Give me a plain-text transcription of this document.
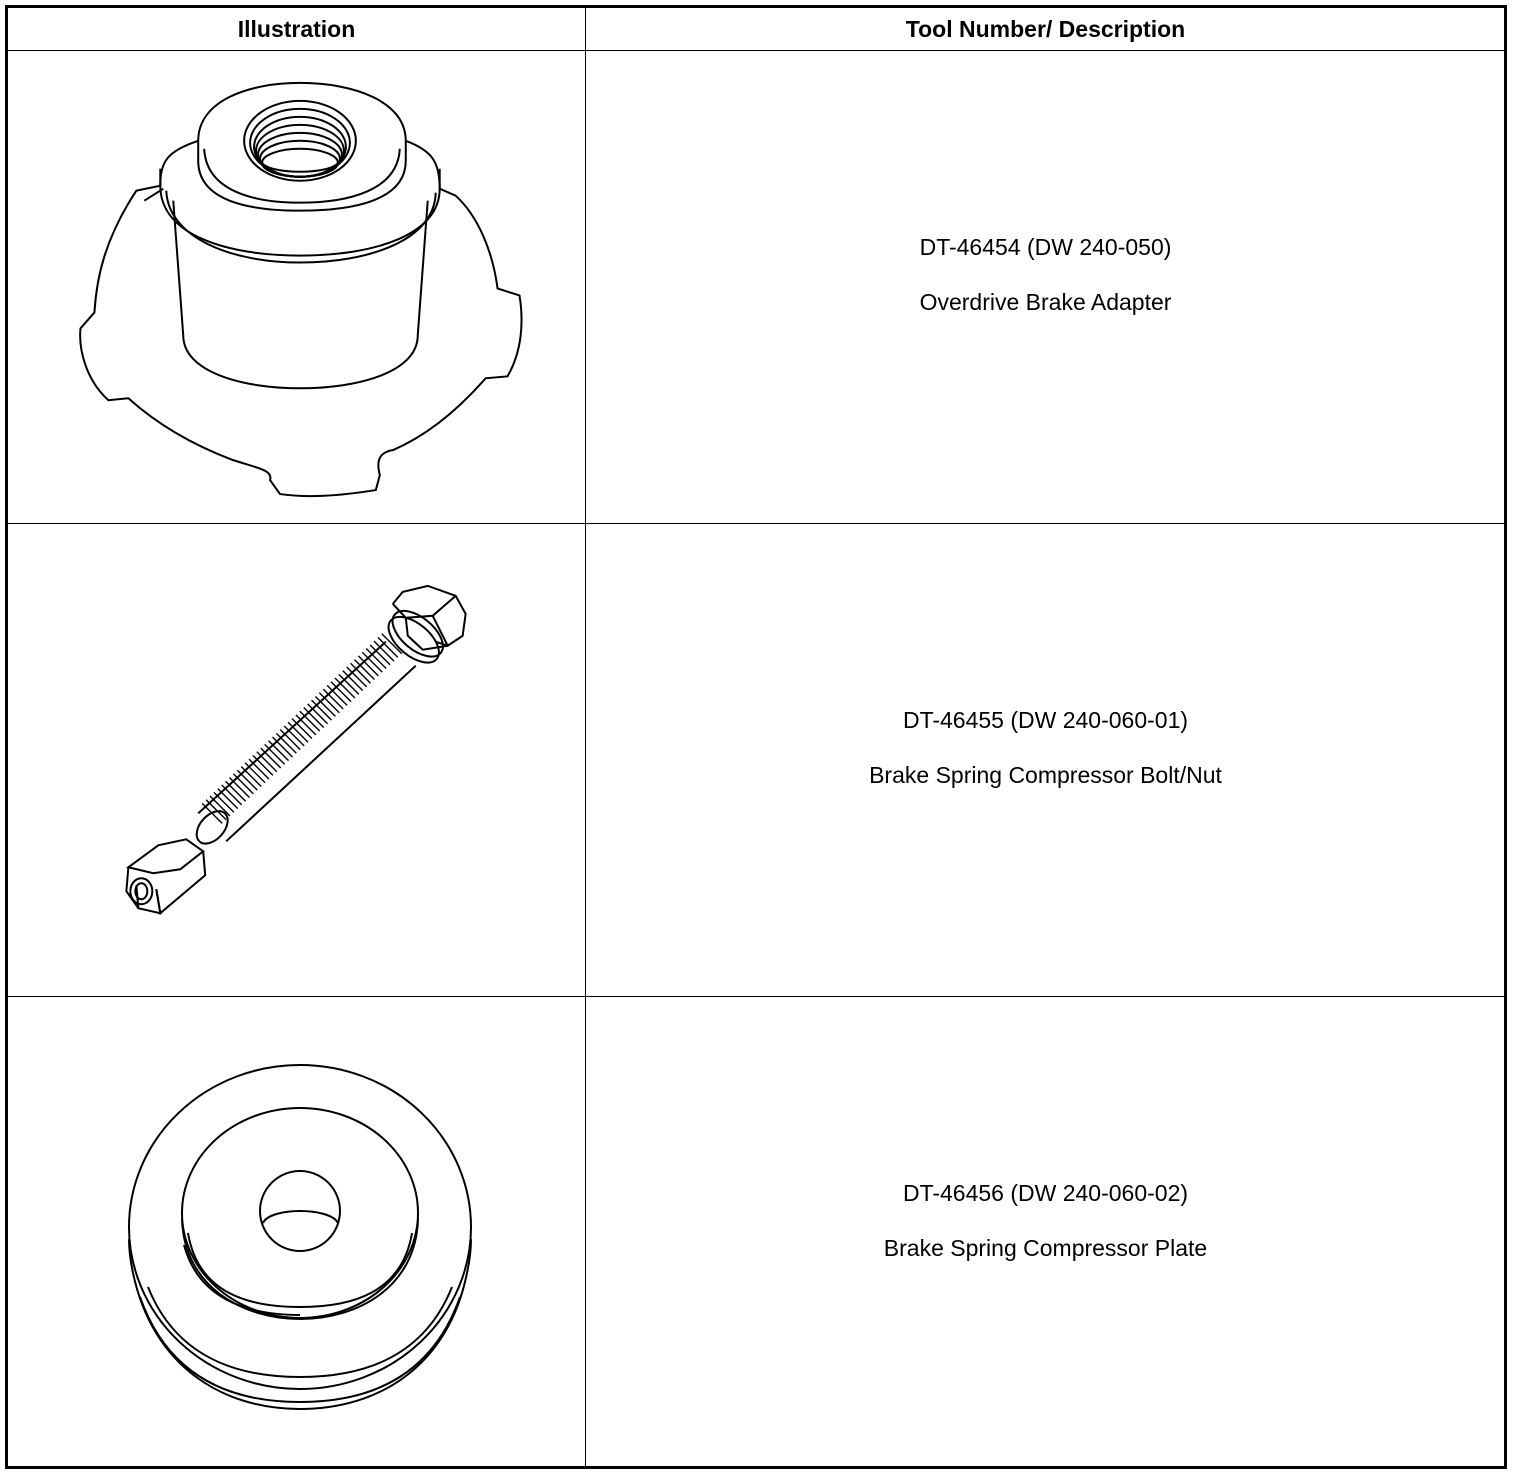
Illustration	Tool Number/ Description
DT-46454 (DW 240-050)
Overdrive Brake Adapter
DT-46455 (DW 240-060-01)
Brake Spring Compressor Bolt/Nut
DT-46456 (DW 240-060-02)
Brake Spring Compressor Plate
